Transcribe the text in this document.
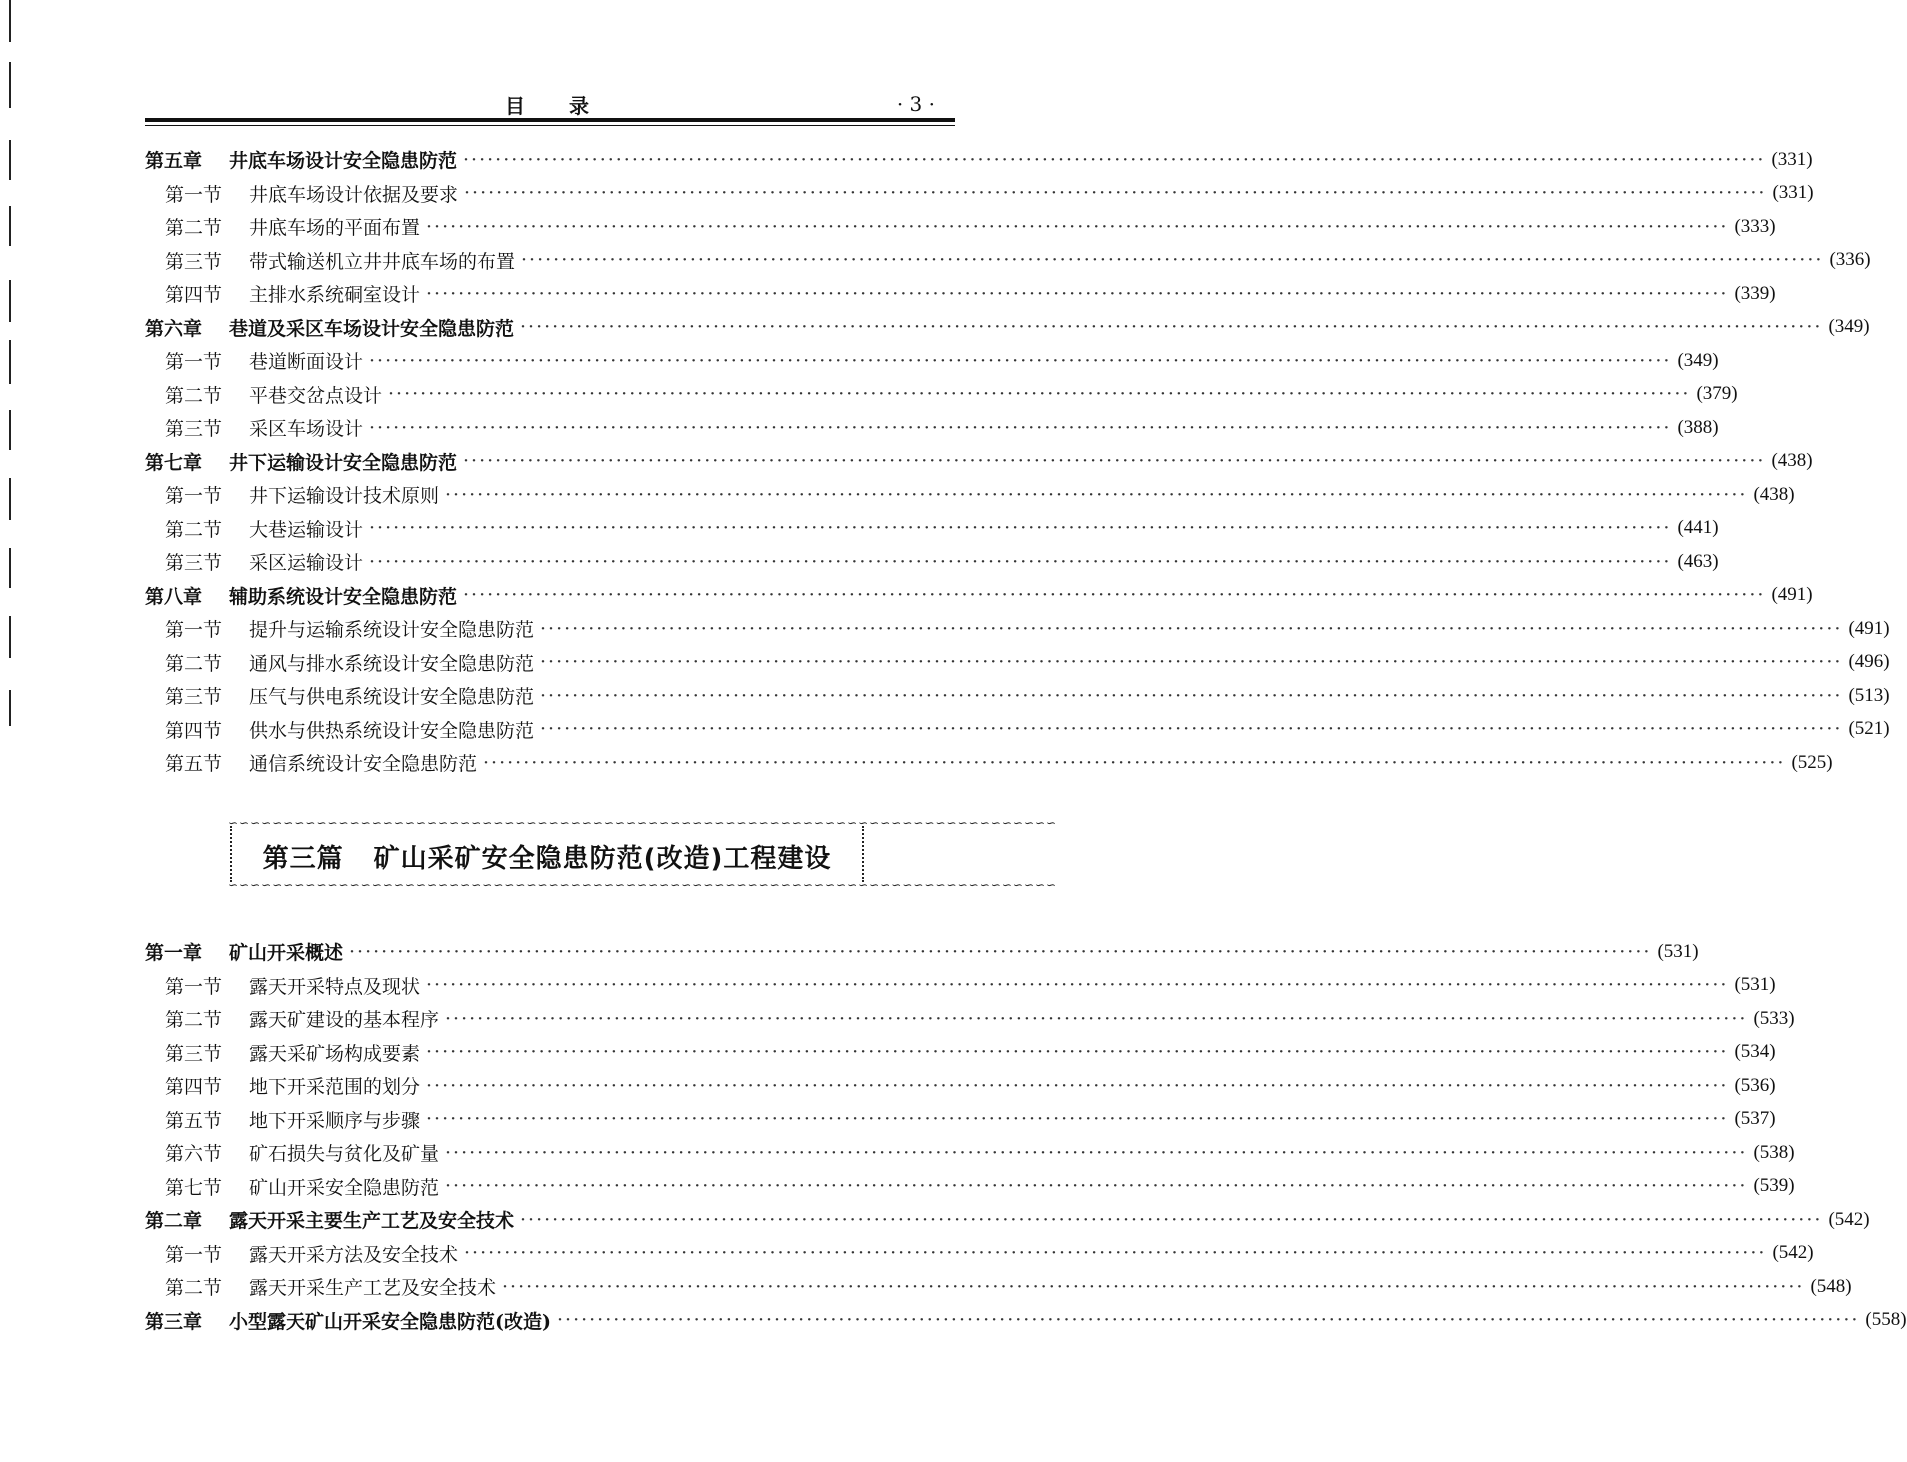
目录	· 3 ·
第五章	井底车场设计安全隐患防范 ·····	(331)
第一节	井底车场设计依据及要求 ·····	(331)
第二节	井底车场的平面布置 ·····	(333)
第三节	带式输送机立井井底车场的布置 ·····	(336)
第四节	主排水系统硐室设计 ·····	(339)
第六章	巷道及采区车场设计安全隐患防范 ·····	(349)
第一节	巷道断面设计 ·····	(349)
第二节	平巷交岔点设计 ·····	(379)
第三节	采区车场设计 ·····	(388)
第七章	井下运输设计安全隐患防范 ·····	(438)
第一节	井下运输设计技术原则 ·····	(438)
第二节	大巷运输设计 ·····	(441)
第三节	采区运输设计 ·····	(463)
第八章	辅助系统设计安全隐患防范 ·····	(491)
第一节	提升与运输系统设计安全隐患防范 ·····	(491)
第二节	通风与排水系统设计安全隐患防范 ·····	(496)
第三节	压气与供电系统设计安全隐患防范 ·····	(513)
第四节	供水与供热系统设计安全隐患防范 ·····	(521)
第五节	通信系统设计安全隐患防范 ·····	(525)
∽∽∽∽∽∽∽∽∽∽∽∽∽∽∽∽∽∽∽∽∽∽∽∽∽∽∽∽∽∽∽∽∽∽∽∽∽∽∽∽∽∽∽∽∽∽∽∽∽∽∽∽∽∽∽∽∽∽∽∽∽∽∽∽∽∽∽∽∽∽∽∽∽∽∽
第三篇 矿山采矿安全隐患防范(改造)工程建设
∽∽∽∽∽∽∽∽∽∽∽∽∽∽∽∽∽∽∽∽∽∽∽∽∽∽∽∽∽∽∽∽∽∽∽∽∽∽∽∽∽∽∽∽∽∽∽∽∽∽∽∽∽∽∽∽∽∽∽∽∽∽∽∽∽∽∽∽∽∽∽∽∽∽∽
第一章	矿山开采概述 ·····	(531)
第一节	露天开采特点及现状 ·····	(531)
第二节	露天矿建设的基本程序 ·····	(533)
第三节	露天采矿场构成要素 ·····	(534)
第四节	地下开采范围的划分 ·····	(536)
第五节	地下开采顺序与步骤 ·····	(537)
第六节	矿石损失与贫化及矿量 ·····	(538)
第七节	矿山开采安全隐患防范 ·····	(539)
第二章	露天开采主要生产工艺及安全技术 ·····	(542)
第一节	露天开采方法及安全技术 ·····	(542)
第二节	露天开采生产工艺及安全技术 ·····	(548)
第三章	小型露天矿山开采安全隐患防范(改造) ·····	(558)
